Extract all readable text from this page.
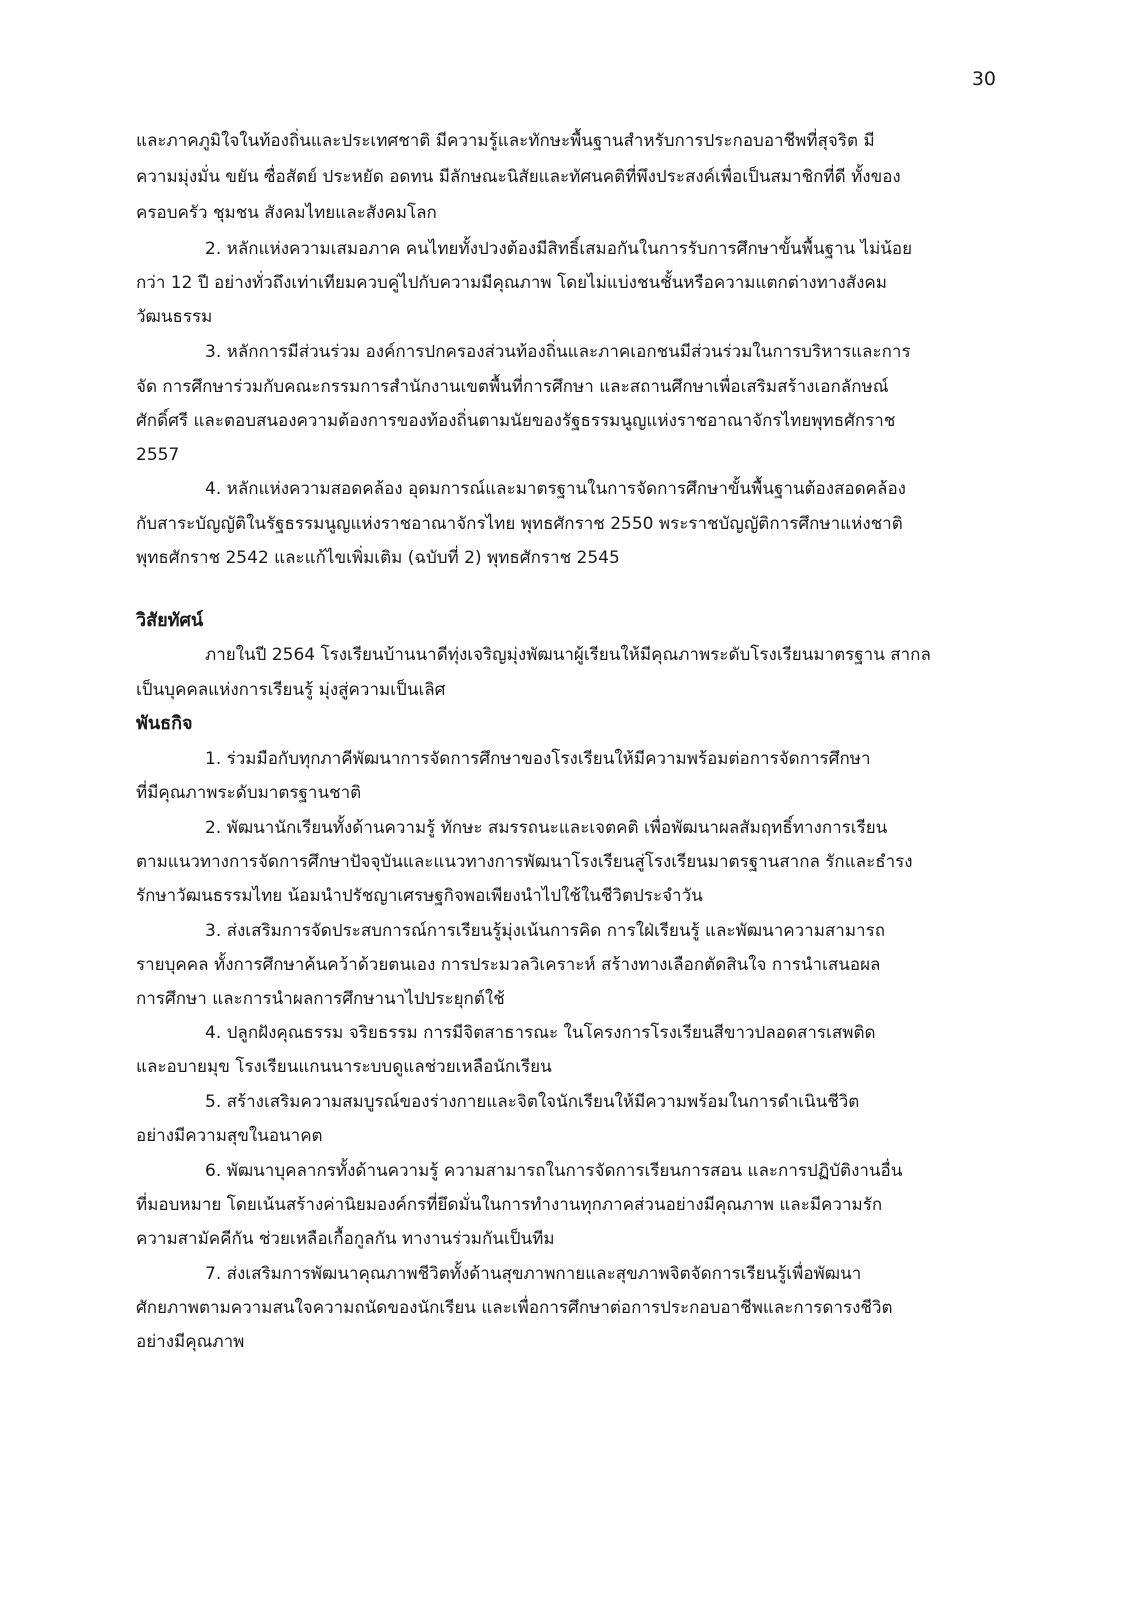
30
และภาคภูมิใจในท้องถิ่นและประเทศชาติ มีความรู้และทักษะพื้นฐานสำหรับการประกอบอาชีพที่สุจริต มี
ความมุ่งมั่น ขยัน ซื่อสัตย์ ประหยัด อดทน มีลักษณะนิสัยและทัศนคติที่พึงประสงค์เพื่อเป็นสมาชิกที่ดี ทั้งของ
ครอบครัว ชุมชน สังคมไทยและสังคมโลก
2. หลักแห่งความเสมอภาค คนไทยทั้งปวงต้องมีสิทธิ์เสมอกันในการรับการศึกษาขั้นพื้นฐาน ไม่น้อย
กว่า 12 ปี อย่างทั่วถึงเท่าเทียมควบคู่ไปกับความมีคุณภาพ โดยไม่แบ่งชนชั้นหรือความแตกต่างทางสังคม
วัฒนธรรม
3. หลักการมีส่วนร่วม องค์การปกครองส่วนท้องถิ่นและภาคเอกชนมีส่วนร่วมในการบริหารและการ
จัด การศึกษาร่วมกับคณะกรรมการสำนักงานเขตพื้นที่การศึกษา และสถานศึกษาเพื่อเสริมสร้างเอกลักษณ์
ศักดิ์ศรี และตอบสนองความต้องการของท้องถิ่นตามนัยของรัฐธรรมนูญแห่งราชอาณาจักรไทยพุทธศักราช
2557
4. หลักแห่งความสอดคล้อง อุดมการณ์และมาตรฐานในการจัดการศึกษาขั้นพื้นฐานต้องสอดคล้อง
กับสาระบัญญัติในรัฐธรรมนูญแห่งราชอาณาจักรไทย พุทธศักราช 2550 พระราชบัญญัติการศึกษาแห่งชาติ
พุทธศักราช 2542 และแก้ไขเพิ่มเติม (ฉบับที่ 2) พุทธศักราช 2545
วิสัยทัศน์
ภายในปี 2564 โรงเรียนบ้านนาดีทุ่งเจริญมุ่งพัฒนาผู้เรียนให้มีคุณภาพระดับโรงเรียนมาตรฐาน สากล
เป็นบุคคลแห่งการเรียนรู้ มุ่งสู่ความเป็นเลิศ
พันธกิจ
1. ร่วมมือกับทุกภาคีพัฒนาการจัดการศึกษาของโรงเรียนให้มีความพร้อมต่อการจัดการศึกษา
ที่มีคุณภาพระดับมาตรฐานชาติ
2. พัฒนานักเรียนทั้งด้านความรู้ ทักษะ สมรรถนะและเจตคติ เพื่อพัฒนาผลสัมฤทธิ์ทางการเรียน
ตามแนวทางการจัดการศึกษาปัจจุบันและแนวทางการพัฒนาโรงเรียนสู่โรงเรียนมาตรฐานสากล รักและธำรง
รักษาวัฒนธรรมไทย น้อมนำปรัชญาเศรษฐกิจพอเพียงนำไปใช้ในชีวิตประจำวัน
3. ส่งเสริมการจัดประสบการณ์การเรียนรู้มุ่งเน้นการคิด การใฝ่เรียนรู้ และพัฒนาความสามารถ
รายบุคคล ทั้งการศึกษาค้นคว้าด้วยตนเอง การประมวลวิเคราะห์ สร้างทางเลือกตัดสินใจ การนำเสนอผล
การศึกษา และการนำผลการศึกษานาไปประยุกต์ใช้
4. ปลูกฝังคุณธรรม จริยธรรม การมีจิตสาธารณะ ในโครงการโรงเรียนสีขาวปลอดสารเสพติด
และอบายมุข โรงเรียนแกนนาระบบดูแลช่วยเหลือนักเรียน
5. สร้างเสริมความสมบูรณ์ของร่างกายและจิตใจนักเรียนให้มีความพร้อมในการดำเนินชีวิต
อย่างมีความสุขในอนาคต
6. พัฒนาบุคลากรทั้งด้านความรู้ ความสามารถในการจัดการเรียนการสอน และการปฏิบัติงานอื่น
ที่มอบหมาย โดยเน้นสร้างค่านิยมองค์กรที่ยึดมั่นในการทำงานทุกภาคส่วนอย่างมีคุณภาพ และมีความรัก
ความสามัคคีกัน ช่วยเหลือเกื้อกูลกัน ทางานร่วมกันเป็นทีม
7. ส่งเสริมการพัฒนาคุณภาพชีวิตทั้งด้านสุขภาพกายและสุขภาพจิตจัดการเรียนรู้เพื่อพัฒนา
ศักยภาพตามความสนใจความถนัดของนักเรียน และเพื่อการศึกษาต่อการประกอบอาชีพและการดารงชีวิต
อย่างมีคุณภาพ
